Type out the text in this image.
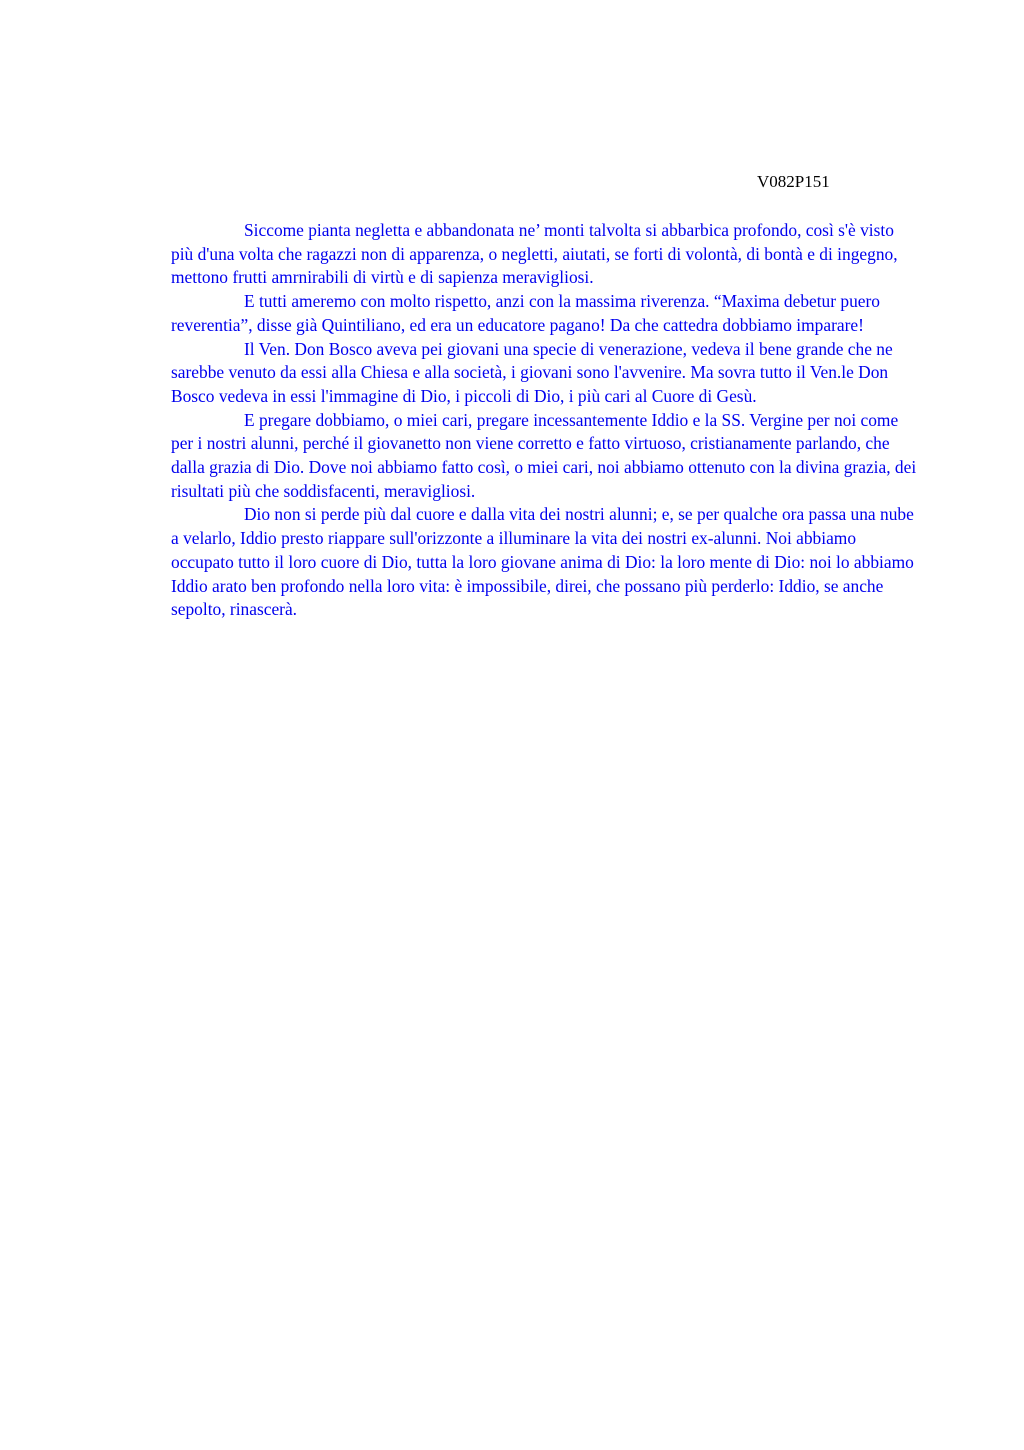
V082P151

Siccome pianta negletta e abbandonata ne’ monti talvolta si abbarbica profondo, così s'è visto più d'una volta che ragazzi non di apparenza, o negletti, aiutati, se forti di volontà, di bontà e di ingegno, mettono frutti amrnirabili di virtù e di sapienza meravigliosi.

E tutti ameremo con molto rispetto, anzi con la massima riverenza. “Maxima debetur puero reverentia”, disse già Quintiliano, ed era un educatore pagano! Da che cattedra dobbiamo imparare!

Il Ven. Don Bosco aveva pei giovani una specie di venerazione, vedeva il bene grande che ne sarebbe venuto da essi alla Chiesa e alla società, i giovani sono l'avvenire. Ma sovra tutto il Ven.le Don Bosco vedeva in essi l'immagine di Dio, i piccoli di Dio, i più cari al Cuore di Gesù.

E pregare dobbiamo, o miei cari, pregare incessantemente Iddio e la SS. Vergine per noi come per i nostri alunni, perché il giovanetto non viene corretto e fatto virtuoso, cristianamente parlando, che dalla grazia di Dio. Dove noi abbiamo fatto così, o miei cari, noi abbiamo ottenuto con la divina grazia, dei risultati più che soddisfacenti, meravigliosi.

Dio non si perde più dal cuore e dalla vita dei nostri alunni; e, se per qualche ora passa una nube a velarlo, Iddio presto riappare sull'orizzonte a illuminare la vita dei nostri ex-alunni. Noi abbiamo occupato tutto il loro cuore di Dio, tutta la loro giovane anima di Dio: la loro mente di Dio: noi lo abbiamo Iddio arato ben profondo nella loro vita: è impossibile, direi, che possano più perderlo: Iddio, se anche sepolto, rinascerà.
